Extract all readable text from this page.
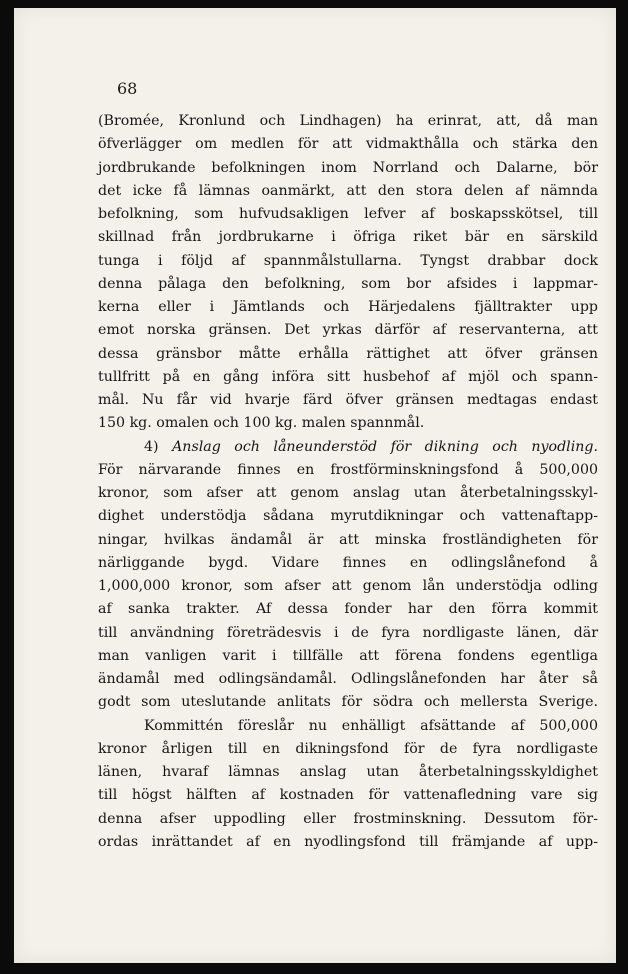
68
(Bromée, Kronlund och Lindhagen) ha erinrat, att, då man
öfverlägger om medlen för att vidmakthålla och stärka den
jordbrukande befolkningen inom Norrland och Dalarne, bör
det icke få lämnas oanmärkt, att den stora delen af nämnda
befolkning, som hufvudsakligen lefver af boskapsskötsel, till
skillnad från jordbrukarne i öfriga riket bär en särskild
tunga i följd af spannmålstullarna. Tyngst drabbar dock
denna pålaga den befolkning, som bor afsides i lappmar-
kerna eller i Jämtlands och Härjedalens fjälltrakter upp
emot norska gränsen. Det yrkas därför af reservanterna, att
dessa gränsbor måtte erhålla rättighet att öfver gränsen
tullfritt på en gång införa sitt husbehof af mjöl och spann-
mål. Nu får vid hvarje färd öfver gränsen medtagas endast
150 kg. omalen och 100 kg. malen spannmål.
4) Anslag och låneunderstöd för dikning och nyodling.
För närvarande finnes en frostförminskningsfond å 500,000
kronor, som afser att genom anslag utan återbetalningsskyl-
dighet understödja sådana myrutdikningar och vattenaftapp-
ningar, hvilkas ändamål är att minska frostländigheten för
närliggande bygd. Vidare finnes en odlingslånefond å
1,000,000 kronor, som afser att genom lån understödja odling
af sanka trakter. Af dessa fonder har den förra kommit
till användning företrädesvis i de fyra nordligaste länen, där
man vanligen varit i tillfälle att förena fondens egentliga
ändamål med odlingsändamål. Odlingslånefonden har åter så
godt som uteslutande anlitats för södra och mellersta Sverige.
Kommittén föreslår nu enhälligt afsättande af 500,000
kronor årligen till en dikningsfond för de fyra nordligaste
länen, hvaraf lämnas anslag utan återbetalningsskyldighet
till högst hälften af kostnaden för vattenafledning vare sig
denna afser uppodling eller frostminskning. Dessutom för-
ordas inrättandet af en nyodlingsfond till främjande af upp-
